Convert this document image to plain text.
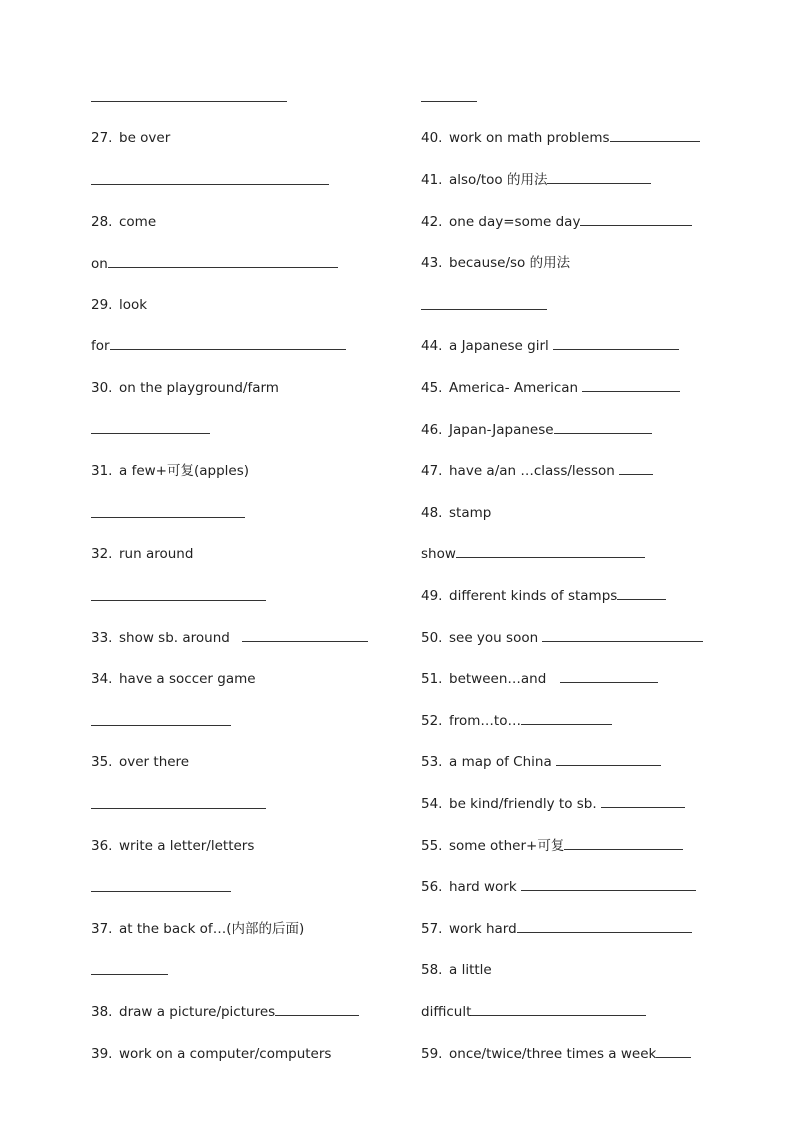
27. be over
28. come
on
29. look
for
30. on the playground/farm
31. a few+可复(apples)
32. run around
33. show sb. around
34. have a soccer game
35. over there
36. write a letter/letters
37. at the back of…(内部的后面)
38. draw a picture/pictures
39. work on a computer/computers
40. work on math problems
41. also/too 的用法
42. one day=some day
43. because/so 的用法
44. a Japanese girl
45. America- American
46. Japan-Japanese
47. have a/an …class/lesson
48. stamp
show
49. different kinds of stamps
50. see you soon
51. between…and
52. from…to…
53. a map of China
54. be kind/friendly to sb.
55. some other+可复
56. hard work
57. work hard
58. a little
difficult
59. once/twice/three times a week
